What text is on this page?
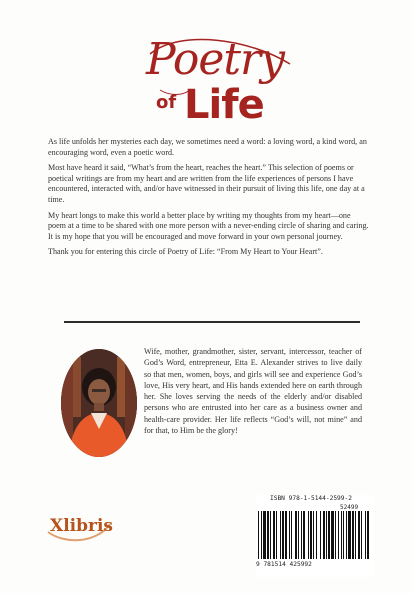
Poetry
of Life

As life unfolds her mysteries each day, we sometimes need a word: a loving word, a kind word, an encouraging word, even a poetic word.

Most have heard it said, “What’s from the heart, reaches the heart.” This selection of poems or poetical writings are from my heart and are written from the life experiences of persons I have encountered, interacted with, and/or have witnessed in their pursuit of living this life, one day at a time.

My heart longs to make this world a better place by writing my thoughts from my heart—one poem at a time to be shared with one more person with a never-ending circle of sharing and caring. It is my hope that you will be encouraged and move forward in your own personal journey.

Thank you for entering this circle of Poetry of Life: “From My Heart to Your Heart”.

Wife, mother, grandmother, sister, servant, intercessor, teacher of God’s Word, entrepreneur, Etta E. Alexander strives to live daily so that men, women, boys, and girls will see and experience God’s love, His very heart, and His hands extended here on earth through her. She loves serving the needs of the elderly and/or disabled persons who are entrusted into her care as a business owner and health-care provider. Her life reflects “God’s will, not mine” and for that, to Him be the glory!
Xlibris
ISBN 978-1-5144-2599-2
52499
9 781514 425992
